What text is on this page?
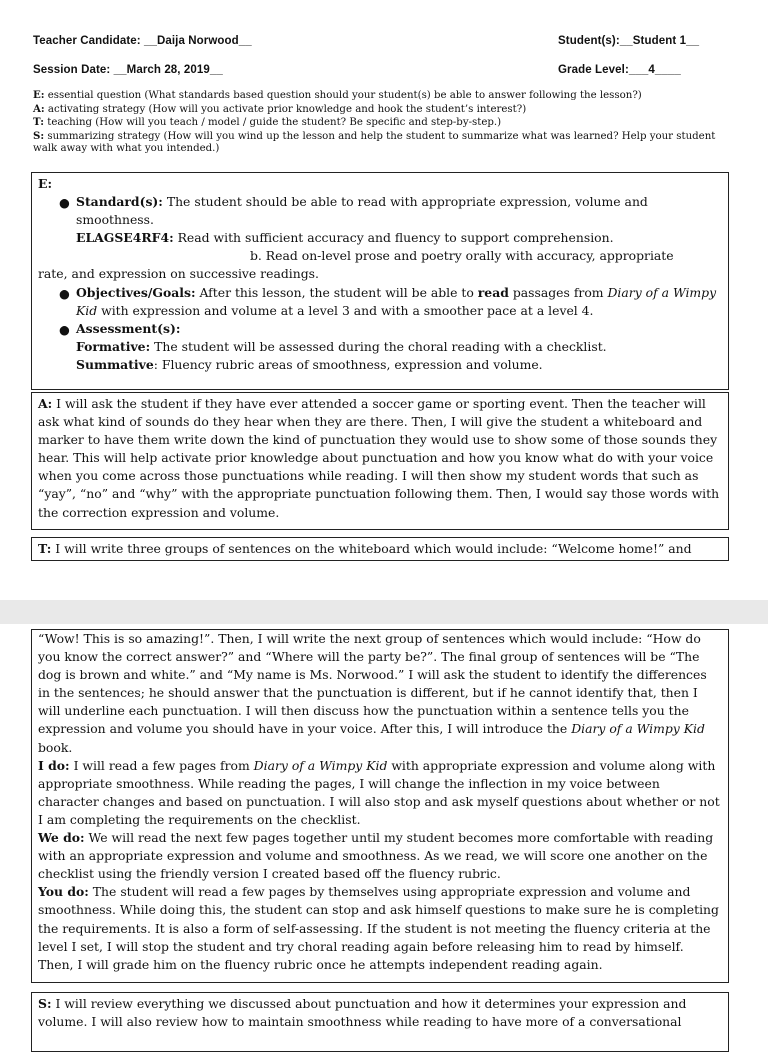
Teacher Candidate: __Daija Norwood__	Student(s):__Student 1__
Session Date: __March 28, 2019__	Grade Level:___4____

E: essential question (What standards based question should your student(s) be able to answer following the lesson?)

A: activating strategy (How will you activate prior knowledge and hook the student’s interest?)

T: teaching (How will you teach / model / guide the student? Be specific and step-by-step.)

S: summarizing strategy (How will you wind up the lesson and help the student to summarize what was learned? Help your student walk away with what you intended.)

E:

● Standard(s): The student should be able to read with appropriate expression, volume and smoothness.
ELAGSE4RF4: Read with sufficient accuracy and fluency to support comprehension.

b. Read on-level prose and poetry orally with accuracy, appropriate

rate, and expression on successive readings.

● Objectives/Goals: After this lesson, the student will be able to read passages from Diary of a Wimpy Kid with expression and volume at a level 3 and with a smoother pace at a level 4.
● Assessment(s):
Formative: The student will be assessed during the choral reading with a checklist.
Summative: Fluency rubric areas of smoothness, expression and volume.

A: I will ask the student if they have ever attended a soccer game or sporting event. Then the teacher will ask what kind of sounds do they hear when they are there. Then, I will give the student a whiteboard and marker to have them write down the kind of punctuation they would use to show some of those sounds they hear. This will help activate prior knowledge about punctuation and how you know what do with your voice when you come across those punctuations while reading. I will then show my student words that such as “yay”, “no” and “why” with the appropriate punctuation following them. Then, I would say those words with the correction expression and volume.

T: I will write three groups of sentences on the whiteboard which would include: “Welcome home!” and

“Wow! This is so amazing!”. Then, I will write the next group of sentences which would include: “How do you know the correct answer?” and “Where will the party be?”. The final group of sentences will be “The dog is brown and white.” and “My name is Ms. Norwood.” I will ask the student to identify the differences in the sentences; he should answer that the punctuation is different, but if he cannot identify that, then I will underline each punctuation. I will then discuss how the punctuation within a sentence tells you the expression and volume you should have in your voice. After this, I will introduce the Diary of a Wimpy Kid book.

I do: I will read a few pages from Diary of a Wimpy Kid with appropriate expression and volume along with appropriate smoothness. While reading the pages, I will change the inflection in my voice between character changes and based on punctuation. I will also stop and ask myself questions about whether or not I am completing the requirements on the checklist.

We do: We will read the next few pages together until my student becomes more comfortable with reading with an appropriate expression and volume and smoothness. As we read, we will score one another on the checklist using the friendly version I created based off the fluency rubric.

You do: The student will read a few pages by themselves using appropriate expression and volume and smoothness. While doing this, the student can stop and ask himself questions to make sure he is completing the requirements. It is also a form of self-assessing. If the student is not meeting the fluency criteria at the level I set, I will stop the student and try choral reading again before releasing him to read by himself. Then, I will grade him on the fluency rubric once he attempts independent reading again.

S: I will review everything we discussed about punctuation and how it determines your expression and volume. I will also review how to maintain smoothness while reading to have more of a conversational
